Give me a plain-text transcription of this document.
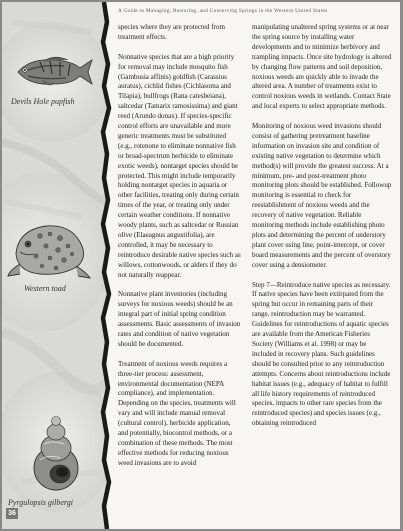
Devils Hole pupfish
Western toad
Pyrgulopsis gilbergi
36
A Guide to Managing, Restoring, and Conserving Springs in the Western United States

species where they are protected from treatment effects.

Nonnative species that are a high priority for removal may include mosquito fish (Gambusia affinis) goldfish (Carassius auratus), cichlid fishes (Cichlasoma and Tilapia), bullfrogs (Rana catesbeiana), saltcedar (Tamarix ramosissima) and giant reed (Arundo donax). If species-specific control efforts are unavailable and more generic treatments must be substituted (e.g., rotenone to eliminate nonnative fish or broad-spectrum herbicide to eliminate exotic weeds), nontarget species should be protected. This might include temporarily holding nontarget species in aquaria or other facilities, treating only during certain times of the year, or treating only under certain weather conditions. If nonnative woody plants, such as saltcedar or Russian olive (Elaeagnus angustifolia), are controlled, it may be necessary to reintroduce desirable native species such as willows, cottonwoods, or alders if they do not naturally reappear.

Nonnative plant inventories (including surveys for noxious weeds) should be an integral part of initial spring condition assessments. Basic assessments of invasion rates and condition of native vegetation should be documented.

Treatment of noxious weeds requires a three-tier process: assessment, environmental documentation (NEPA compliance), and implementation. Depending on the species, treatments will vary and will include manual removal (cultural control), herbicide application, and potentially, biocontrol methods, or a combination of these methods. The most effective methods for reducing noxious weed invasions are to avoid

manipulating unaltered spring systems or at near the spring source by installing water developments and to minimize herbivory and trampling impacts. Once site hydrology is altered by changing flow patterns and soil deposition, noxious weeds are quickly able to invade the altered area. A number of treatments exist to control noxious weeds in wetlands. Contact State and local experts to select appropriate methods.

Monitoring of noxious weed invasions should consist of gathering pretreatment baseline information on invasion site and condition of existing native vegetation to determine which method(s) will provide the greatest success. At a minimum, pre- and post-treatment photo monitoring plots should be established. Followup monitoring is essential to check for reestablishment of noxious weeds and the recovery of native vegetation. Reliable monitoring methods include establishing photo plots and determining the percent of understory plant cover using line, point-intercept, or cover board measurements and the percent of overstory cover using a densiometer.

Step 7—Reintroduce native species as necessary. If native species have been extirpated from the spring but occur in remaining parts of their range, reintroduction may be warranted. Guidelines for reintroductions of aquatic species are available from the American Fisheries Society (Williams et al. 1998) or may be included in recovery plans. Such guidelines should be consulted prior to any reintroduction attempts. Concerns about reintroductions include habitat issues (e.g., adequacy of habitat to fulfill all life history requirements of reintroduced species, impacts to other rare species from the reintroduced species) and species issues (e.g., obtaining reintroduced
